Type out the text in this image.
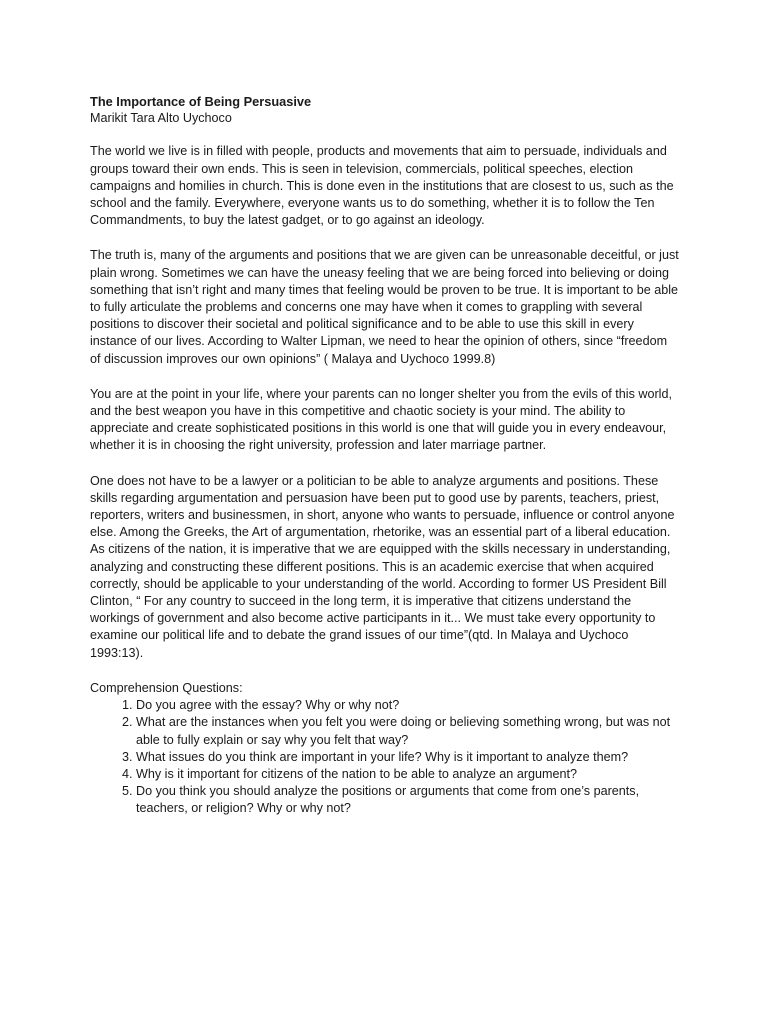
The Importance of Being Persuasive

Marikit Tara Alto Uychoco

The world we live is in filled with people, products and movements that aim to persuade, individuals and groups toward their own ends. This is seen in television, commercials, political speeches, election campaigns and homilies in church. This is done even in the institutions that are closest to us, such as the school and the family. Everywhere, everyone wants us to do something, whether it is to follow the Ten Commandments, to buy the latest gadget, or to go against an ideology.

The truth is, many of the arguments and positions that we are given can be unreasonable deceitful, or just plain wrong. Sometimes we can have the uneasy feeling that we are being forced into believing or doing something that isn’t right and many times that feeling would be proven to be true. It is important to be able to fully articulate the problems and concerns one may have when it comes to grappling with several positions to discover their societal and political significance and to be able to use this skill in every instance of our lives. According to Walter Lipman, we need to hear the opinion of others, since “freedom of discussion improves our own opinions” ( Malaya and Uychoco 1999.8)

You are at the point in your life, where your parents can no longer shelter you from the evils of this world, and the best weapon you have in this competitive and chaotic society is your mind. The ability to appreciate and create sophisticated positions in this world is one that will guide you in every endeavour, whether it is in choosing the right university, profession and later marriage partner.

One does not have to be a lawyer or a politician to be able to analyze arguments and positions. These skills regarding argumentation and persuasion have been put to good use by parents, teachers, priest, reporters, writers and businessmen, in short, anyone who wants to persuade, influence or control anyone else. Among the Greeks, the Art of argumentation, rhetorike, was an essential part of a liberal education.

As citizens of the nation, it is imperative that we are equipped with the skills necessary in understanding, analyzing and constructing these different positions. This is an academic exercise that when acquired correctly, should be applicable to your understanding of the world. According to former US President Bill Clinton, “ For any country to succeed in the long term, it is imperative that citizens understand the workings of government and also become active participants in it... We must take every opportunity to examine our political life and to debate the grand issues of our time”(qtd. In Malaya and Uychoco 1993:13).

Comprehension Questions:

1. Do you agree with the essay? Why or why not?
2. What are the instances when you felt you were doing or believing something wrong, but was not able to fully explain or say why you felt that way?
3. What issues do you think are important in your life? Why is it important to analyze them?
4. Why is it important for citizens of the nation to be able to analyze an argument?
5. Do you think you should analyze the positions or arguments that come from one’s parents, teachers, or religion? Why or why not?
